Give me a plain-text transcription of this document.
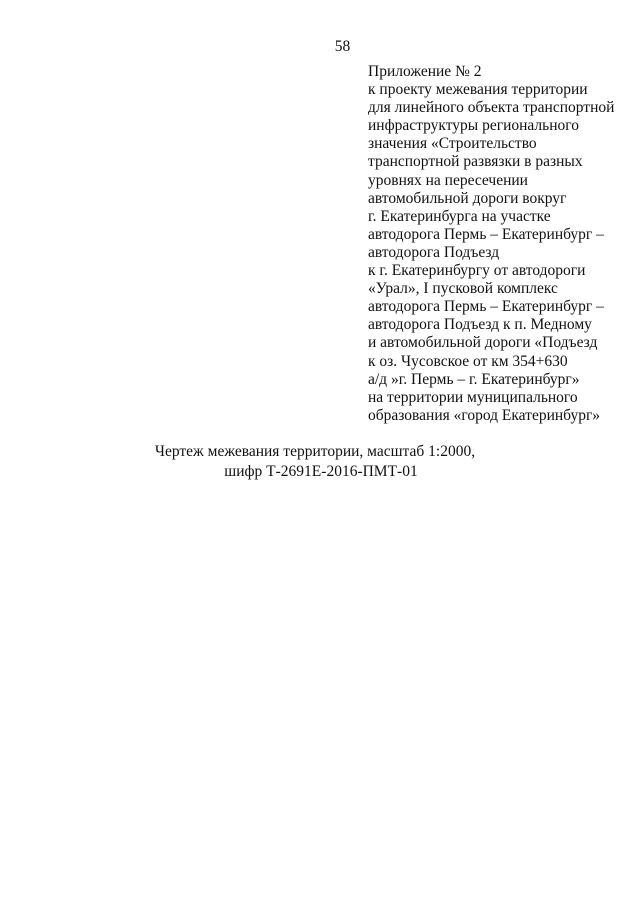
58
Приложение № 2
к проекту межевания территории
для линейного объекта транспортной
инфраструктуры регионального
значения «Строительство
транспортной развязки в разных
уровнях на пересечении
автомобильной дороги вокруг
г. Екатеринбурга на участке
автодорога Пермь – Екатеринбург –
автодорога Подъезд
к г. Екатеринбургу от автодороги
«Урал», I пусковой комплекс
автодорога Пермь – Екатеринбург –
автодорога Подъезд к п. Медному
и автомобильной дороги «Подъезд
к оз. Чусовское от км 354+630
а/д »г. Пермь – г. Екатеринбург»
на территории муниципального
образования «город Екатеринбург»
Чертеж межевания территории, масштаб 1:2000,
шифр Т-2691Е-2016-ПМТ-01
